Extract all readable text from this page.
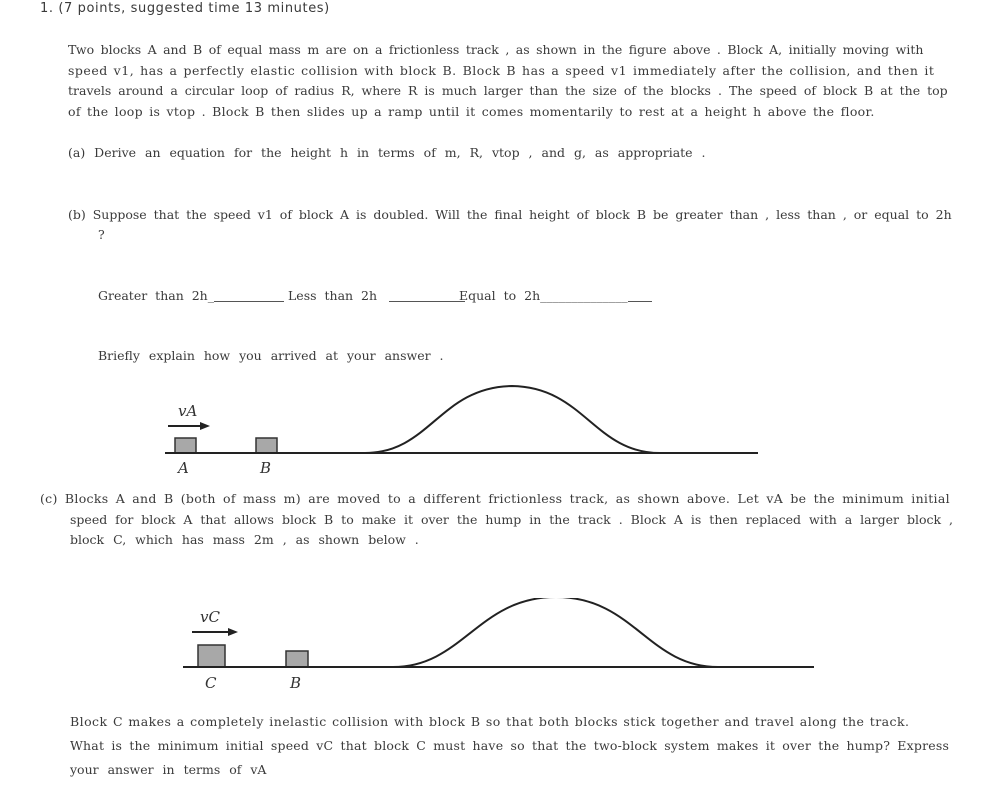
1. (7 points, suggested time 13 minutes)
Two blocks A and B of equal mass m are on a frictionless track , as shown in the figure above . Block A, initially moving with
speed v1, has a perfectly elastic collision with block B. Block B has a speed v1 immediately after the collision, and then it
travels around a circular loop of radius R, where R is much larger than the size of the blocks . The speed of block B at the top
of the loop is vtop . Block B then slides up a ramp until it comes momentarily to rest at a height h above the floor.
(a) Derive an equation for the height h in terms of m, R, vtop , and g, as appropriate .
(b) Suppose that the speed v1 of block A is doubled. Will the final height of block B be greater than , less than , or equal to 2h
?
Greater than 2h_	Less than 2h	Equal to 2h______________
Briefly explain how you arrived at your answer .
vA
A	B
(c) Blocks A and B (both of mass m) are moved to a different frictionless track, as shown above. Let vA be the minimum initial
speed for block A that allows block B to make it over the hump in the track . Block A is then replaced with a larger block ,
block C, which has mass 2m , as shown below .
vC
C	B
Block C makes a completely inelastic collision with block B so that both blocks stick together and travel along the track.
What is the minimum initial speed vC that block C must have so that the two-block system makes it over the hump? Express
your answer in terms of vA
